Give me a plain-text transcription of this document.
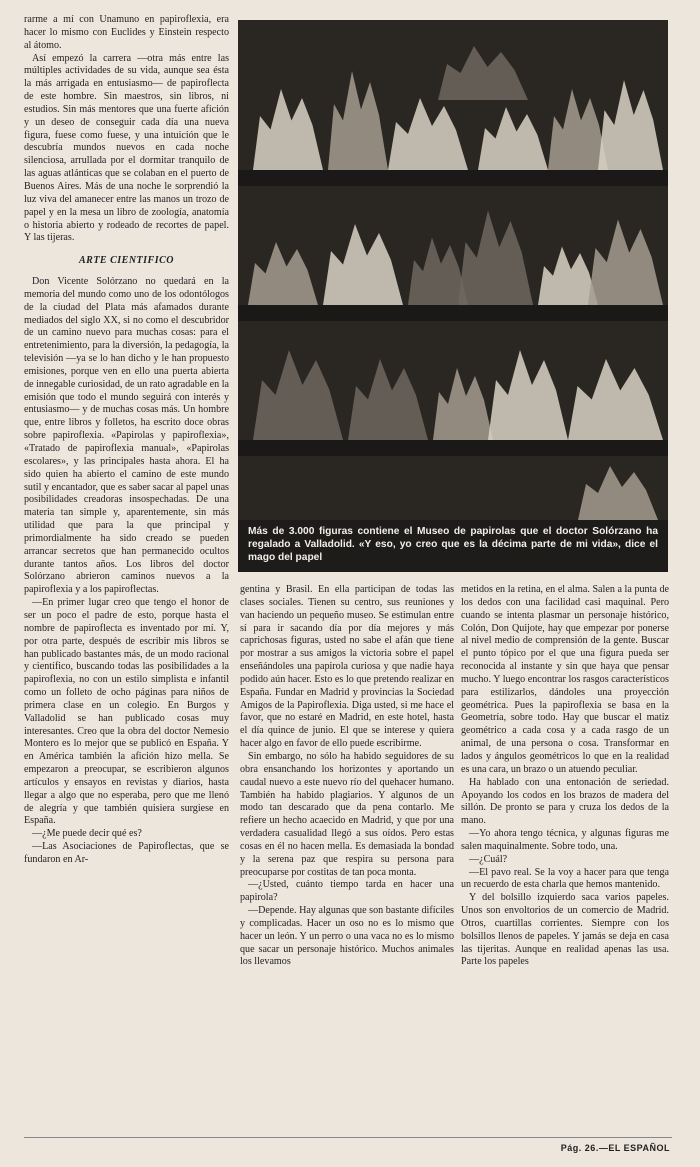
rarme a mí con Unamuno en papiroflexia, era hacer lo mismo con Euclides y Einstein respecto al átomo.

Así empezó la carrera —otra más entre las múltiples actividades de su vida, aunque sea ésta la más arrigada en entusiasmo— de papiroflecta de este hombre. Sin maestros, sin libros, ni estudios. Sin más mentores que una fuerte afición y un deseo de conseguir cada día una nueva figura, fuese como fuese, y una intuición que le descubría mundos nuevos en cada noche silenciosa, arrullada por el dormitar tranquilo de las aguas atlánticas que se colaban en el puerto de Buenos Aires. Más de una noche le sorprendió la luz viva del amanecer entre las manos un trozo de papel y en la mesa un libro de zoología, anatomía o historia abierto y rodeado de recortes de papel. Y las tijeras.

ARTE CIENTIFICO

Don Vicente Solórzano no quedará en la memoria del mundo como uno de los odontólogos de la ciudad del Plata más afamados durante mediados del siglo XX, si no como el descubridor de un camino nuevo para muchas cosas: para el entretenimiento, para la diversión, la pedagogía, la televisión —ya se lo han dicho y le han propuesto emisiones, porque ven en ello una puerta abierta de innegable curiosidad, de un rato agradable en la emisión que todo el mundo seguirá con interés y entusiasmo— y de muchas cosas más. Un hombre que, entre libros y folletos, ha escrito doce obras sobre papiroflexia. «Papirolas y papiroflexia», «Tratado de papiroflexia manual», «Papirolas escolares», y las principales hasta ahora. El ha sido quien ha abierto el camino de este mundo sutil y encantador, que es saber sacar al papel unas posibilidades creadoras insospechadas. De una materia tan simple y, aparentemente, sin más utilidad que para la que principal y primordialmente ha sido creado se pueden arrancar secretos que han permanecido ocultos durante tantos años. Los libros del doctor Solórzano abrieron caminos nuevos a la papiroflexia y a los papiroflectas.

—En primer lugar creo que tengo el honor de ser un poco el padre de esto, porque hasta el nombre de papiroflecta es inventado por mí. Y, por otra parte, después de escribir mis libros se han publicado bastantes más, de un modo racional y científico, buscando todas las posibilidades a la papiroflexia, no con un estilo simplista e infantil como un folleto de ocho páginas para niños de primera clase en un colegio. En Burgos y Valladolid se han publicado cosas muy interesantes. Creo que la obra del doctor Nemesio Montero es lo mejor que se publicó en España. Y en América también la afición hizo mella. Se empezaron a preocupar, se escribieron algunos artículos y ensayos en revistas y diarios, hasta llegar a algo que no esperaba, pero que me llenó de alegría y que también quisiera surgiese en España.

—¿Me puede decir qué es?

—Las Asociaciones de Papiroflectas, que se fundaron en Ar-

Más de 3.000 figuras contiene el Museo de papirolas que el doctor Solórzano ha regalado a Valladolid. «Y eso, yo creo que es la décima parte de mi vida», dice el mago del papel

gentina y Brasil. En ella participan de todas las clases sociales. Tienen su centro, sus reuniones y van haciendo un pequeño museo. Se estimulan entre sí para ir sacando día por día mejores y más caprichosas figuras, usted no sabe el afán que tiene por mostrar a sus amigos la victoria sobre el papel enseñándoles una papirola curiosa y que nadie haya podido aún hacer. Esto es lo que pretendo realizar en España. Fundar en Madrid y provincias la Sociedad Amigos de la Papiroflexia. Diga usted, si me hace el favor, que no estaré en Madrid, en este hotel, hasta el día quince de junio. El que se interese y quiera hacer algo en favor de ello puede escribirme.

Sin embargo, no sólo ha habido seguidores de su obra ensanchando los horizontes y aportando un caudal nuevo a este nuevo río del quehacer humano. También ha habido plagiarios. Y algunos de un modo tan descarado que da pena contarlo. Me refiere un hecho acaecido en Madrid, y que por una verdadera casualidad llegó a sus oídos. Pero estas cosas en él no hacen mella. Es demasiada la bondad y la serena paz que respira su persona para preocuparse por costitas de tan poca monta.

—¿Usted, cuánto tiempo tarda en hacer una papirola?

—Depende. Hay algunas que son bastante difíciles y complicadas. Hacer un oso no es lo mismo que hacer un león. Y un perro o una vaca no es lo mismo que sacar un personaje histórico. Muchos animales los llevamos

metidos en la retina, en el alma. Salen a la punta de los dedos con una facilidad casi maquinal. Pero cuando se intenta plasmar un personaje histórico, Colón, Don Quijote, hay que empezar por ponerse al nivel medio de comprensión de la gente. Buscar el punto tópico por el que una figura pueda ser reconocida al instante y sin que haya que pensar mucho. Y luego encontrar los rasgos característicos para estilizarlos, dándoles una proyección geométrica. Pues la papiroflexia se basa en la Geometría, sobre todo. Hay que buscar el matiz geométrico a cada cosa y a cada rasgo de un animal, de una persona o cosa. Transformar en lados y ángulos geométricos lo que en la realidad es una cara, un brazo o un atuendo peculiar.

Ha hablado con una entonación de seriedad. Apoyando los codos en los brazos de madera del sillón. De pronto se para y cruza los dedos de la mano.

—Yo ahora tengo técnica, y algunas figuras me salen maquinalmente. Sobre todo, una.

—¿Cuál?

—El pavo real. Se la voy a hacer para que tenga un recuerdo de esta charla que hemos mantenido.

Y del bolsillo izquierdo saca varios papeles. Unos son envoltorios de un comercio de Madrid. Otros, cuartillas corrientes. Siempre con los bolsillos llenos de papeles. Y jamás se deja en casa las tijeritas. Aunque en realidad apenas las usa. Parte los papeles

Pág. 26.—EL ESPAÑOL
